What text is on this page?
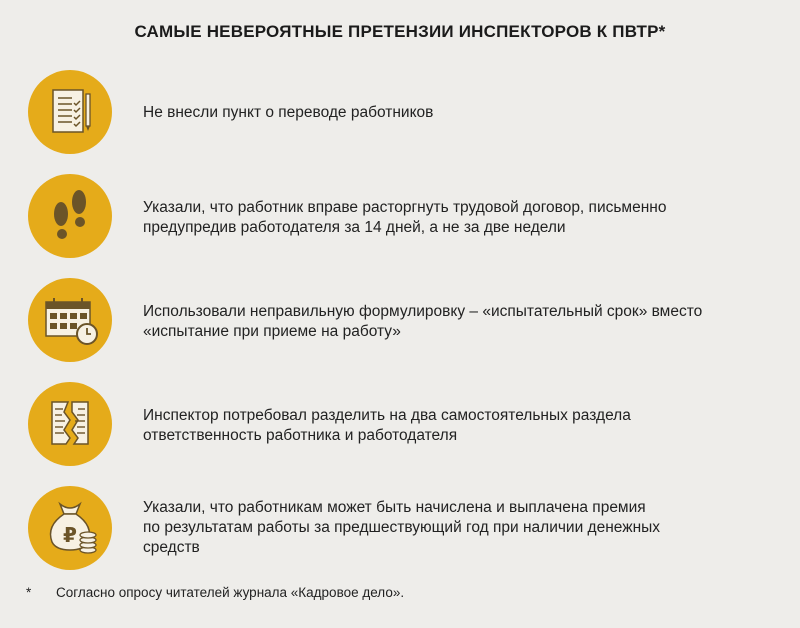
САМЫЕ НЕВЕРОЯТНЫЕ ПРЕТЕНЗИИ ИНСПЕКТОРОВ К ПВТР*
Не внесли пункт о переводе работников
Указали, что работник вправе расторгнуть трудовой договор, письменно
предупредив работодателя за 14 дней, а не за две недели
Использовали неправильную формулировку – «испытательный срок» вместо
«испытание при приеме на работу»
Инспектор потребовал разделить на два самостоятельных раздела
ответственность работника и работодателя
₽
Указали, что работникам может быть начислена и выплачена премия
по результатам работы за предшествующий год при наличии денежных
средств
* Согласно опросу читателей журнала «Кадровое дело».
